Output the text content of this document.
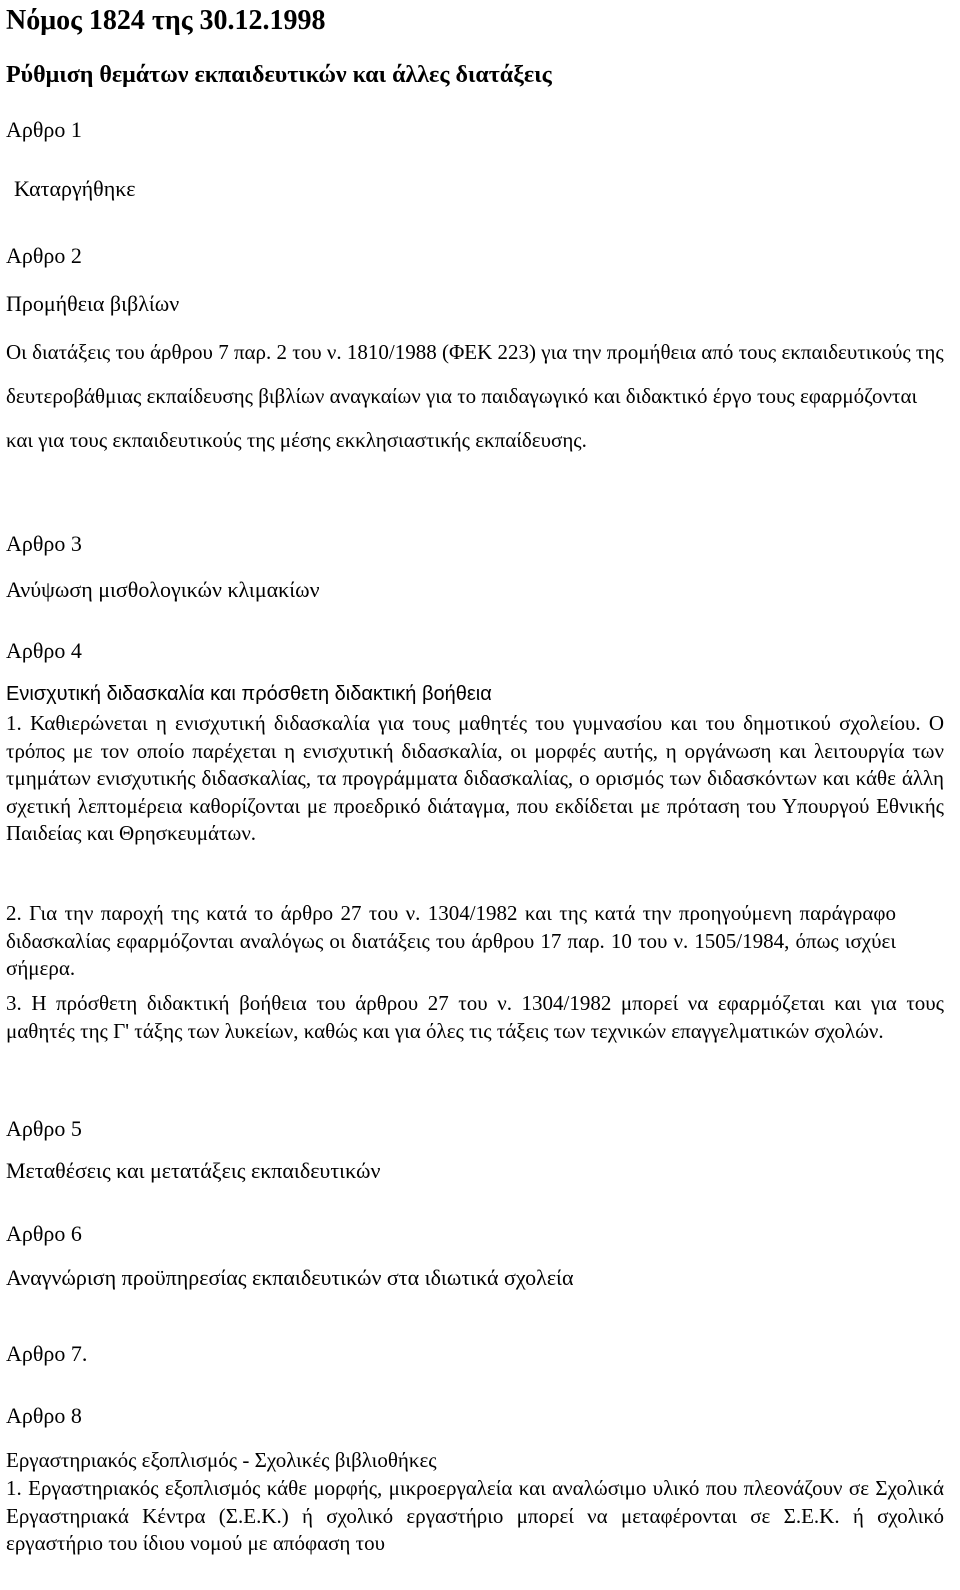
Νόμος 1824 της 30.12.1998
Ρύθμιση θεμάτων εκπαιδευτικών και άλλες διατάξεις
Αρθρο 1
Καταργήθηκε
Αρθρο 2
Προμήθεια βιβλίων
Οι διατάξεις του άρθρου 7 παρ. 2 του ν. 1810/1988 (ΦΕΚ 223) για την προμήθεια από τους εκπαιδευτικούς της δευτεροβάθμιας εκπαίδευσης βιβλίων αναγκαίων για το παιδαγωγικό και διδακτικό έργο τους εφαρμόζονται και για τους εκπαιδευτικούς της μέσης εκκλησιαστικής εκπαίδευσης.
Αρθρο 3
Ανύψωση μισθολογικών κλιμακίων
Αρθρο 4
Ενισχυτική διδασκαλία και πρόσθετη διδακτική βοήθεια
1. Καθιερώνεται η ενισχυτική διδασκαλία για τους μαθητές του γυμνασίου και του δημοτικού σχολείου. Ο τρόπος με τον οποίο παρέχεται η ενισχυτική διδασκαλία, οι μορφές αυτής, η οργάνωση και λειτουργία των τμημάτων ενισχυτικής διδασκαλίας, τα προγράμματα διδασκαλίας, ο ορισμός των διδασκόντων και κάθε άλλη σχετική λεπτομέρεια καθορίζονται με προεδρικό διάταγμα, που εκδίδεται με πρόταση του Υπουργού Εθνικής Παιδείας και Θρησκευμάτων.
2. Για την παροχή της κατά το άρθρο 27 του ν. 1304/1982 και της κατά την προηγούμενη παράγραφο διδασκαλίας εφαρμόζονται αναλόγως οι διατάξεις του άρθρου 17 παρ. 10 του ν. 1505/1984, όπως ισχύει σήμερα.
3. Η πρόσθετη διδακτική βοήθεια του άρθρου 27 του ν. 1304/1982 μπορεί να εφαρμόζεται και για τους μαθητές της Γ' τάξης των λυκείων, καθώς και για όλες τις τάξεις των τεχνικών επαγγελματικών σχολών.
Αρθρο 5
Μεταθέσεις και μετατάξεις εκπαιδευτικών
Αρθρο 6
Αναγνώριση προϋπηρεσίας εκπαιδευτικών στα ιδιωτικά σχολεία
Αρθρο 7.
Αρθρο 8
Εργαστηριακός εξοπλισμός - Σχολικές βιβλιοθήκες
1. Εργαστηριακός εξοπλισμός κάθε μορφής, μικροεργαλεία και αναλώσιμο υλικό που πλεονάζουν σε Σχολικά Εργαστηριακά Κέντρα (Σ.Ε.Κ.) ή σχολικό εργαστήριο μπορεί να μεταφέρονται σε Σ.Ε.Κ. ή σχολικό εργαστήριο του ίδιου νομού με απόφαση του
